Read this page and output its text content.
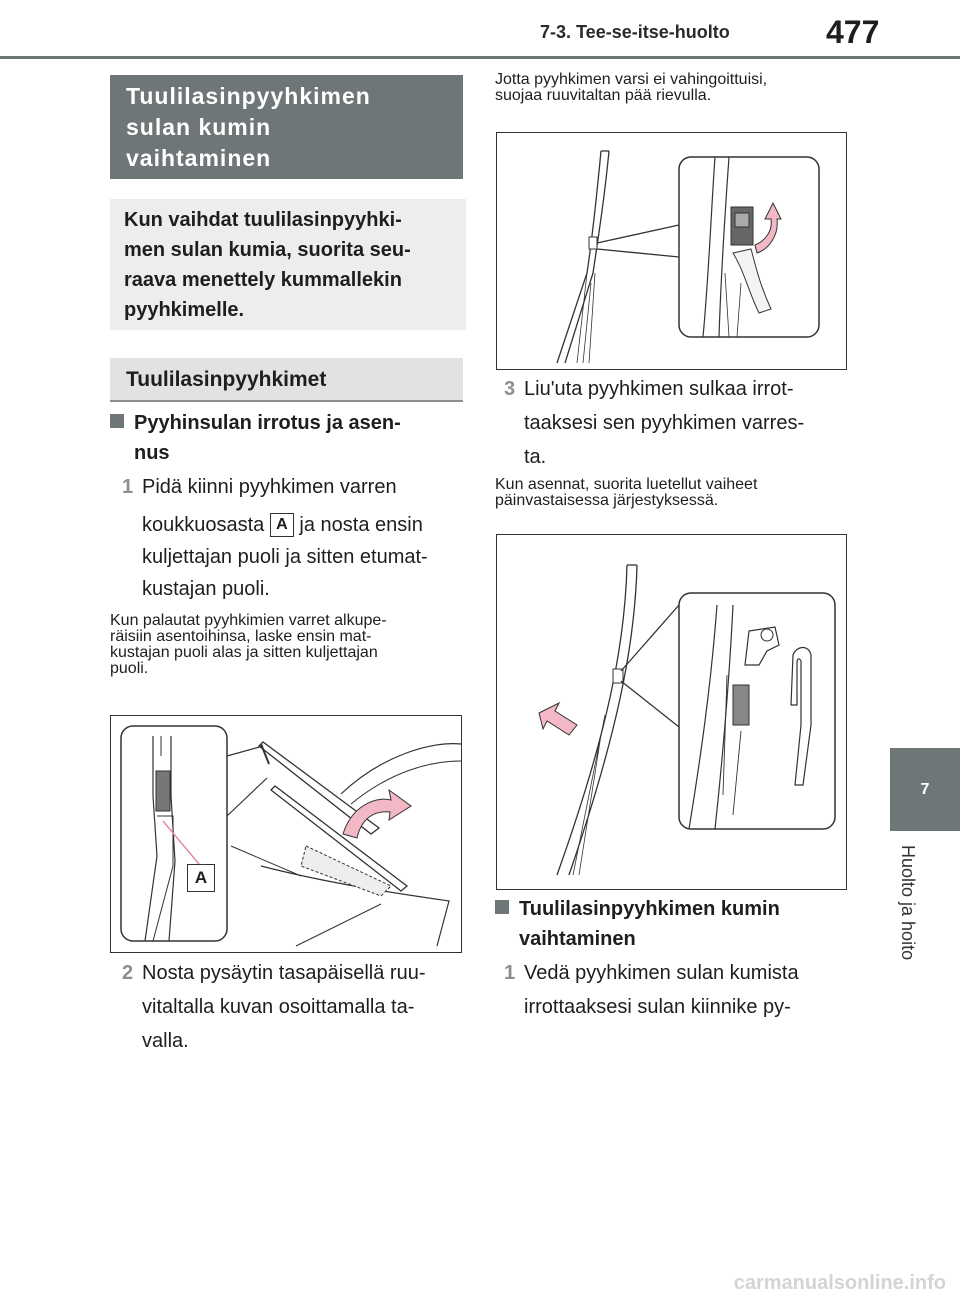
7-3. Tee-se-itse-huolto	477
7
Huolto ja hoito
Tuulilasinpyyhkimen
sulan kumin
vaihtaminen
Kun vaihdat tuulilasinpyyhki-
men sulan kumia, suorita seu-
raava menettely kummallekin
pyyhkimelle.
Tuulilasinpyyhkimet
Pyyhinsulan irrotus ja asen-
nus
1 Pidä kiinni pyyhkimen varren
koukkuosasta A ja nosta ensin
kuljettajan puoli ja sitten etumat-
kustajan puoli.
Kun palautat pyyhkimien varret alkupe-
räisiin asentoihinsa, laske ensin mat-
kustajan puoli alas ja sitten kuljettajan
puoli.
A
2 Nosta pysäytin tasapäisellä ruu-
vitaltalla kuvan osoittamalla ta-
valla.
Jotta pyyhkimen varsi ei vahingoittuisi,
suojaa ruuvitaltan pää rievulla.
3 Liu'uta pyyhkimen sulkaa irrot-
taaksesi sen pyyhkimen varres-
ta.
Kun asennat, suorita luetellut vaiheet
päinvastaisessa järjestyksessä.
Tuulilasinpyyhkimen kumin
vaihtaminen
1 Vedä pyyhkimen sulan kumista
irrottaaksesi sulan kiinnike py-
carmanualsonline.info
